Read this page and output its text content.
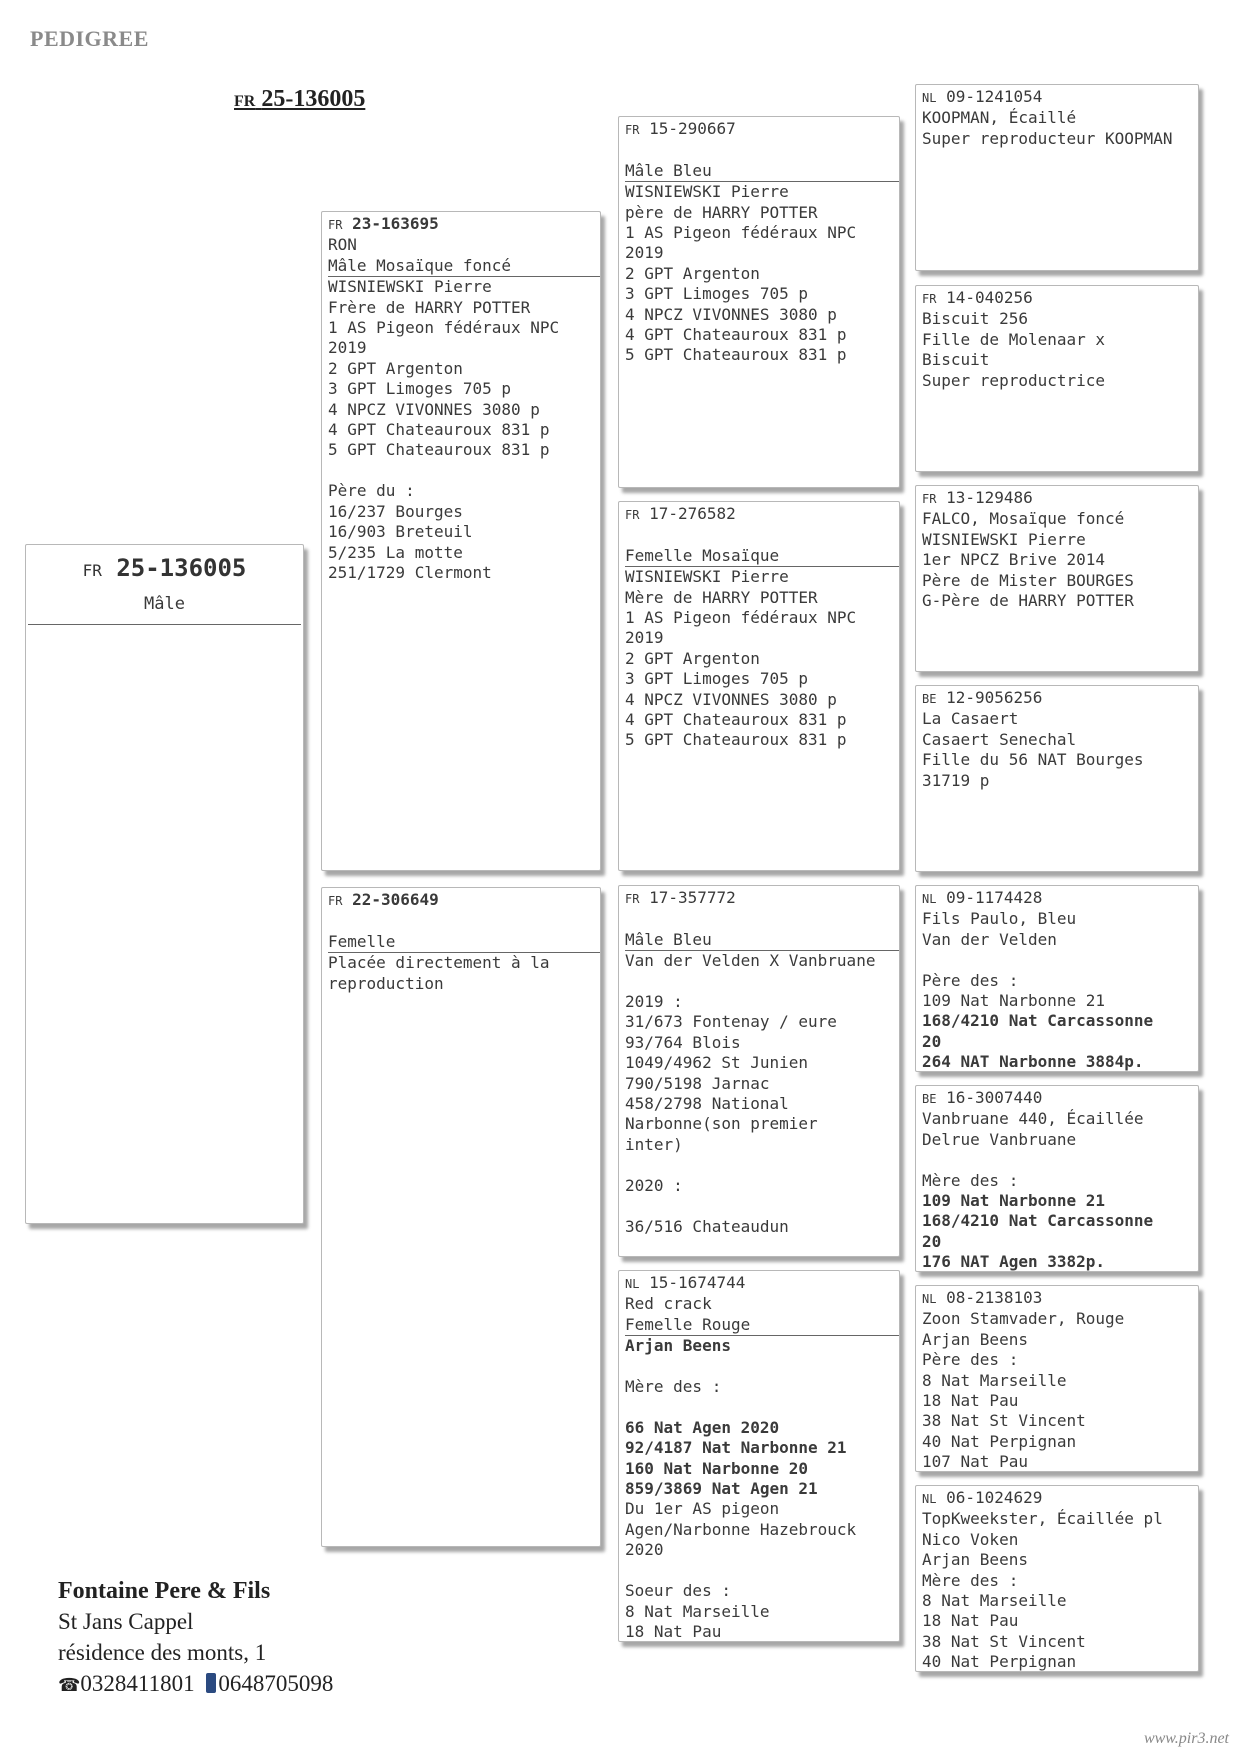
PEDIGREE
FR 25-136005
FR 25-136005
Mâle
FR 23-163695
RON
Mâle Mosaïque foncé
WISNIEWSKI Pierre
Frère de HARRY POTTER
1 AS Pigeon fédéraux NPC
2019
2 GPT Argenton
3 GPT Limoges 705 p
4 NPCZ VIVONNES 3080 p
4 GPT Chateauroux 831 p
5 GPT Chateauroux 831 p

Père du :
16/237 Bourges
16/903 Breteuil
5/235 La motte
251/1729 Clermont
FR 22-306649

Femelle
Placée directement à la
reproduction
FR 15-290667

Mâle Bleu
WISNIEWSKI Pierre
père de HARRY POTTER
1 AS Pigeon fédéraux NPC
2019
2 GPT Argenton
3 GPT Limoges 705 p
4 NPCZ VIVONNES 3080 p
4 GPT Chateauroux 831 p
5 GPT Chateauroux 831 p
FR 17-276582

Femelle Mosaïque
WISNIEWSKI Pierre
Mère de HARRY POTTER
1 AS Pigeon fédéraux NPC
2019
2 GPT Argenton
3 GPT Limoges 705 p
4 NPCZ VIVONNES 3080 p
4 GPT Chateauroux 831 p
5 GPT Chateauroux 831 p
FR 17-357772

Mâle Bleu
Van der Velden X Vanbruane

2019 :
31/673 Fontenay / eure
93/764 Blois
1049/4962 St Junien
790/5198 Jarnac
458/2798 National
Narbonne(son premier
inter)

2020 :

36/516 Chateaudun
NL 15-1674744
Red crack
Femelle Rouge
Arjan Beens

Mère des :

66 Nat Agen 2020
92/4187 Nat Narbonne 21
160 Nat Narbonne 20
859/3869 Nat Agen 21
Du 1er AS pigeon
Agen/Narbonne Hazebrouck
2020

Soeur des :
8 Nat Marseille
18 Nat Pau
NL 09-1241054
KOOPMAN, Écaillé
Super reproducteur KOOPMAN
FR 14-040256
Biscuit 256
Fille de Molenaar x
Biscuit
Super reproductrice
FR 13-129486
FALCO, Mosaïque foncé
WISNIEWSKI Pierre
1er NPCZ Brive 2014
Père de Mister BOURGES
G-Père de HARRY POTTER
BE 12-9056256
La Casaert
Casaert Senechal
Fille du 56 NAT Bourges
31719 p
NL 09-1174428
Fils Paulo, Bleu
Van der Velden

Père des :
109 Nat Narbonne 21
168/4210 Nat Carcassonne
20
264 NAT Narbonne 3884p.
BE 16-3007440
Vanbruane 440, Écaillée
Delrue Vanbruane

Mère des :
109 Nat Narbonne 21
168/4210 Nat Carcassonne
20
176 NAT Agen 3382p.
NL 08-2138103
Zoon Stamvader, Rouge
Arjan Beens
Père des :
8 Nat Marseille
18 Nat Pau
38 Nat St Vincent
40 Nat Perpignan
107 Nat Pau
NL 06-1024629
TopKweekster, Écaillée pl
Nico Voken
Arjan Beens
Mère des :
8 Nat Marseille
18 Nat Pau
38 Nat St Vincent
40 Nat Perpignan
Fontaine Pere & Fils
St Jans Cappel
résidence des monts, 1
☎0328411801 0648705098
www.pir3.net
